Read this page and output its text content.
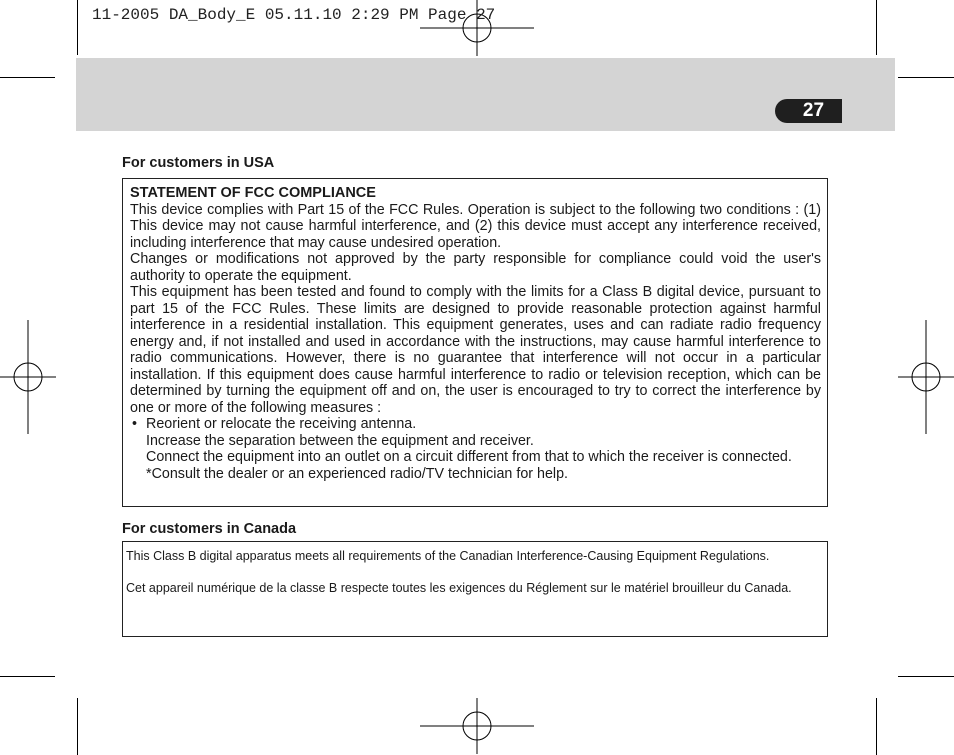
11-2005 DA_Body_E 05.11.10 2:29 PM Page 27
27
For customers in USA

STATEMENT OF FCC COMPLIANCE

This device complies with Part 15 of the FCC Rules. Operation is subject to the following two conditions : (1) This device may not cause harmful interference, and (2) this device must accept any interference received, including interference that may cause undesired operation.

Changes or modifications not approved by the party responsible for compliance could void the user's authority to operate the equipment.

This equipment has been tested and found to comply with the limits for a Class B digital device, pursuant to part 15 of the FCC Rules. These limits are designed to provide reasonable protection against harmful interference in a residential installation. This equipment generates, uses and can radiate radio frequency energy and, if not installed and used in accordance with the instructions, may cause harmful interference to radio communications. However, there is no guarantee that interference will not occur in a particular installation. If this equipment does cause harmful interference to radio or television reception, which can be determined by turning the equipment off and on, the user is encouraged to try to correct the interference by one or more of the following measures :

• Reorient or relocate the receiving antenna.
Increase the separation between the equipment and receiver.
Connect the equipment into an outlet on a circuit different from that to which the receiver is connected.
*Consult the dealer or an experienced radio/TV technician for help.
For customers in Canada

This Class B digital apparatus meets all requirements of the Canadian Interference-Causing Equipment Regulations.

Cet appareil numérique de la classe B respecte toutes les exigences du Réglement sur le matériel brouilleur du Canada.
